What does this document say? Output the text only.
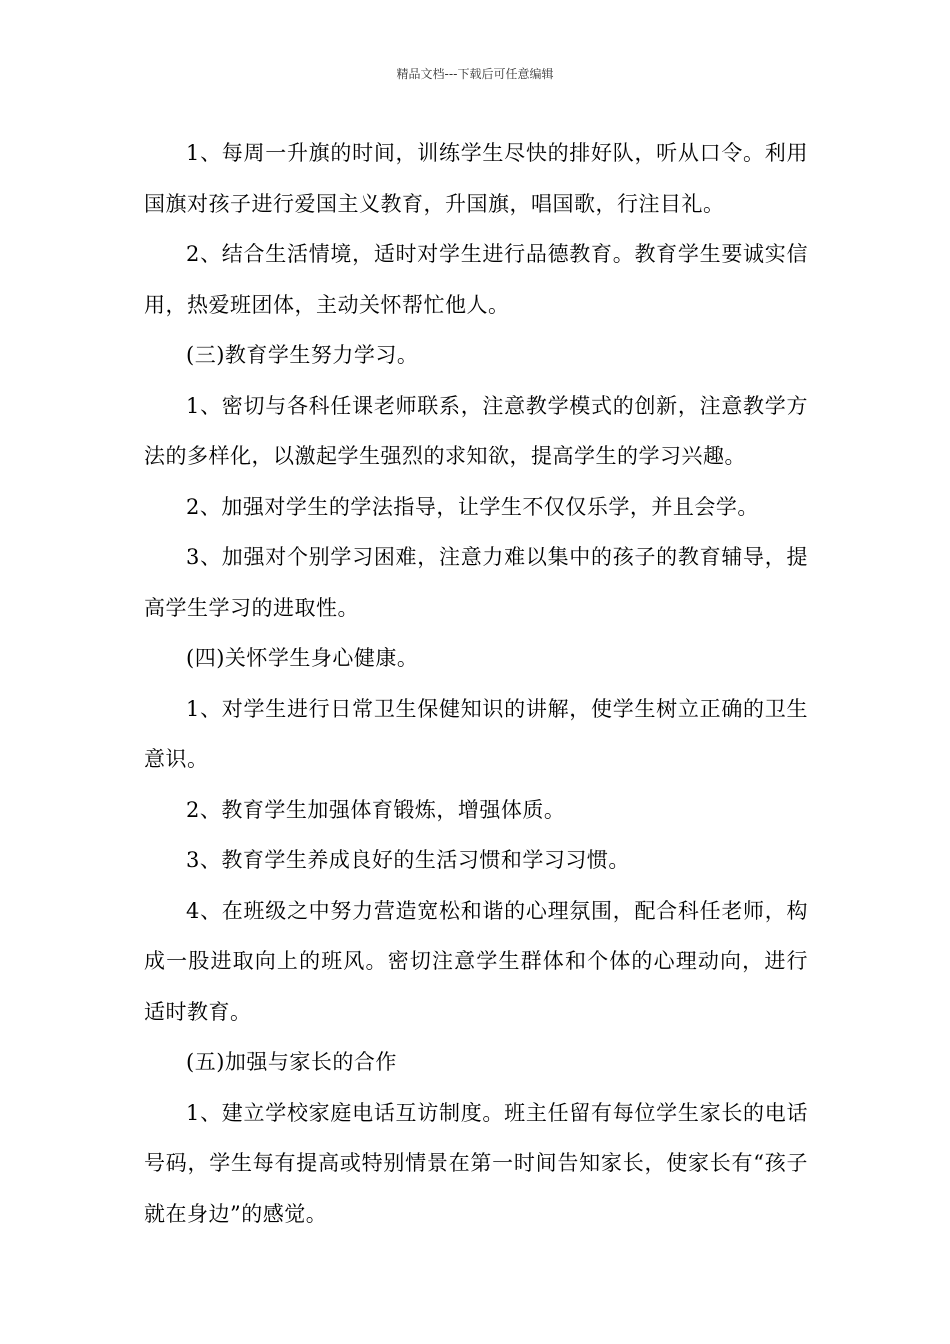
精品文档---下载后可任意编辑

1、每周一升旗的时间，训练学生尽快的排好队，听从口令。利用国旗对孩子进行爱国主义教育，升国旗，唱国歌，行注目礼。

2、结合生活情境，适时对学生进行品德教育。教育学生要诚实信用，热爱班团体，主动关怀帮忙他人。

(三)教育学生努力学习。

1、密切与各科任课老师联系，注意教学模式的创新，注意教学方法的多样化，以激起学生强烈的求知欲，提高学生的学习兴趣。

2、加强对学生的学法指导，让学生不仅仅乐学，并且会学。

3、加强对个别学习困难，注意力难以集中的孩子的教育辅导，提高学生学习的进取性。

(四)关怀学生身心健康。

1、对学生进行日常卫生保健知识的讲解，使学生树立正确的卫生意识。

2、教育学生加强体育锻炼，增强体质。

3、教育学生养成良好的生活习惯和学习习惯。

4、在班级之中努力营造宽松和谐的心理氛围，配合科任老师，构成一股进取向上的班风。密切注意学生群体和个体的心理动向，进行适时教育。

(五)加强与家长的合作

1、建立学校家庭电话互访制度。班主任留有每位学生家长的电话号码，学生每有提高或特别情景在第一时间告知家长，使家长有“孩子就在身边”的感觉。
